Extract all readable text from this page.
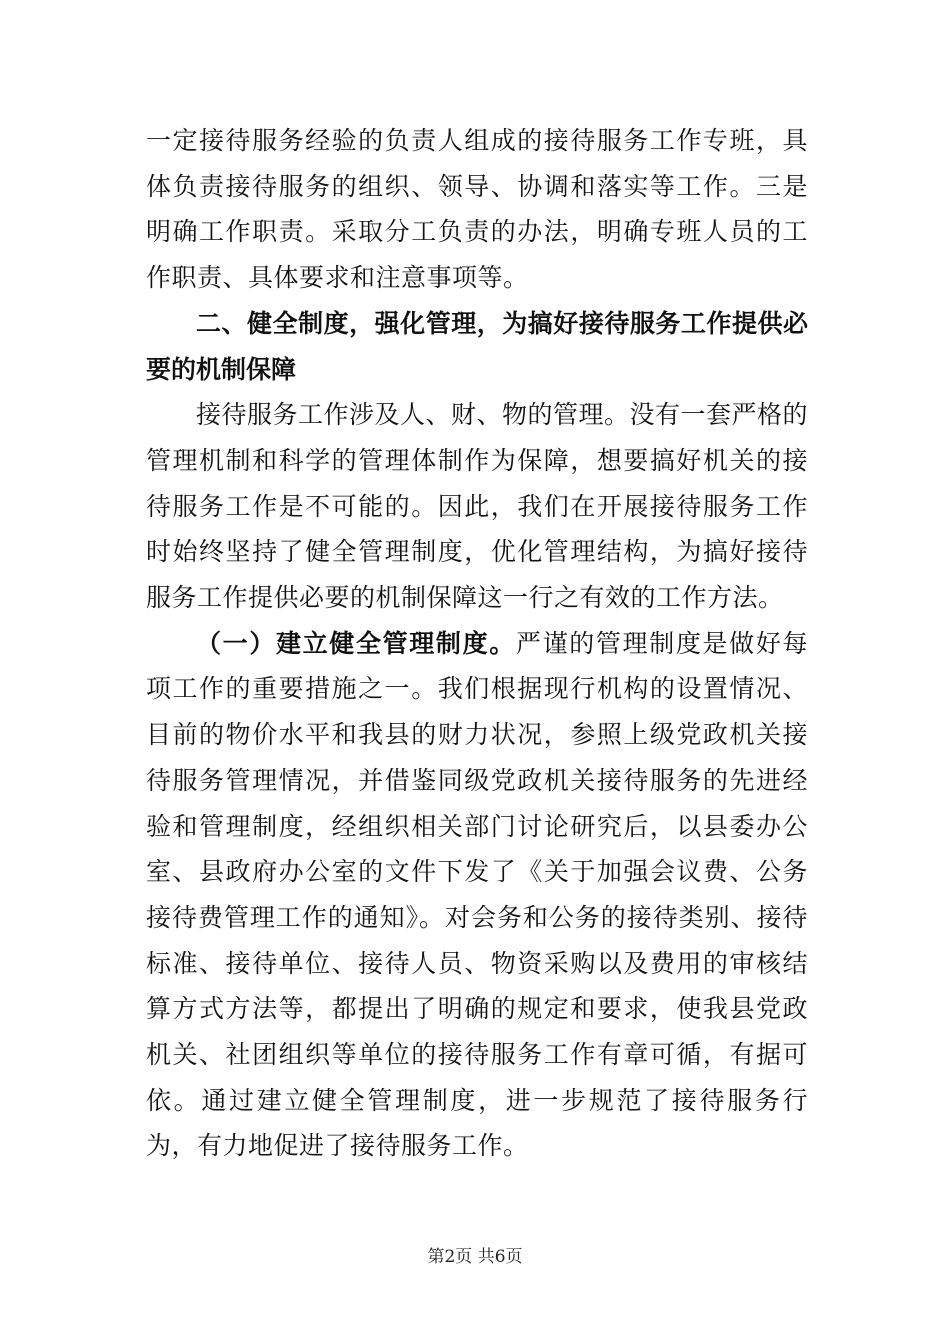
一定接待服务经验的负责人组成的接待服务工作专班，具体负责接待服务的组织、领导、协调和落实等工作。三是明确工作职责。采取分工负责的办法，明确专班人员的工作职责、具体要求和注意事项等。

二、健全制度，强化管理，为搞好接待服务工作提供必要的机制保障

接待服务工作涉及人、财、物的管理。没有一套严格的管理机制和科学的管理体制作为保障，想要搞好机关的接待服务工作是不可能的。因此，我们在开展接待服务工作时始终坚持了健全管理制度，优化管理结构，为搞好接待服务工作提供必要的机制保障这一行之有效的工作方法。

（一）建立健全管理制度。严谨的管理制度是做好每项工作的重要措施之一。我们根据现行机构的设置情况、目前的物价水平和我县的财力状况，参照上级党政机关接待服务管理情况，并借鉴同级党政机关接待服务的先进经验和管理制度，经组织相关部门讨论研究后，以县委办公室、县政府办公室的文件下发了《关于加强会议费、公务接待费管理工作的通知》。对会务和公务的接待类别、接待标准、接待单位、接待人员、物资采购以及费用的审核结算方式方法等，都提出了明确的规定和要求，使我县党政机关、社团组织等单位的接待服务工作有章可循，有据可依。通过建立健全管理制度，进一步规范了接待服务行为，有力地促进了接待服务工作。

第2页 共6页
